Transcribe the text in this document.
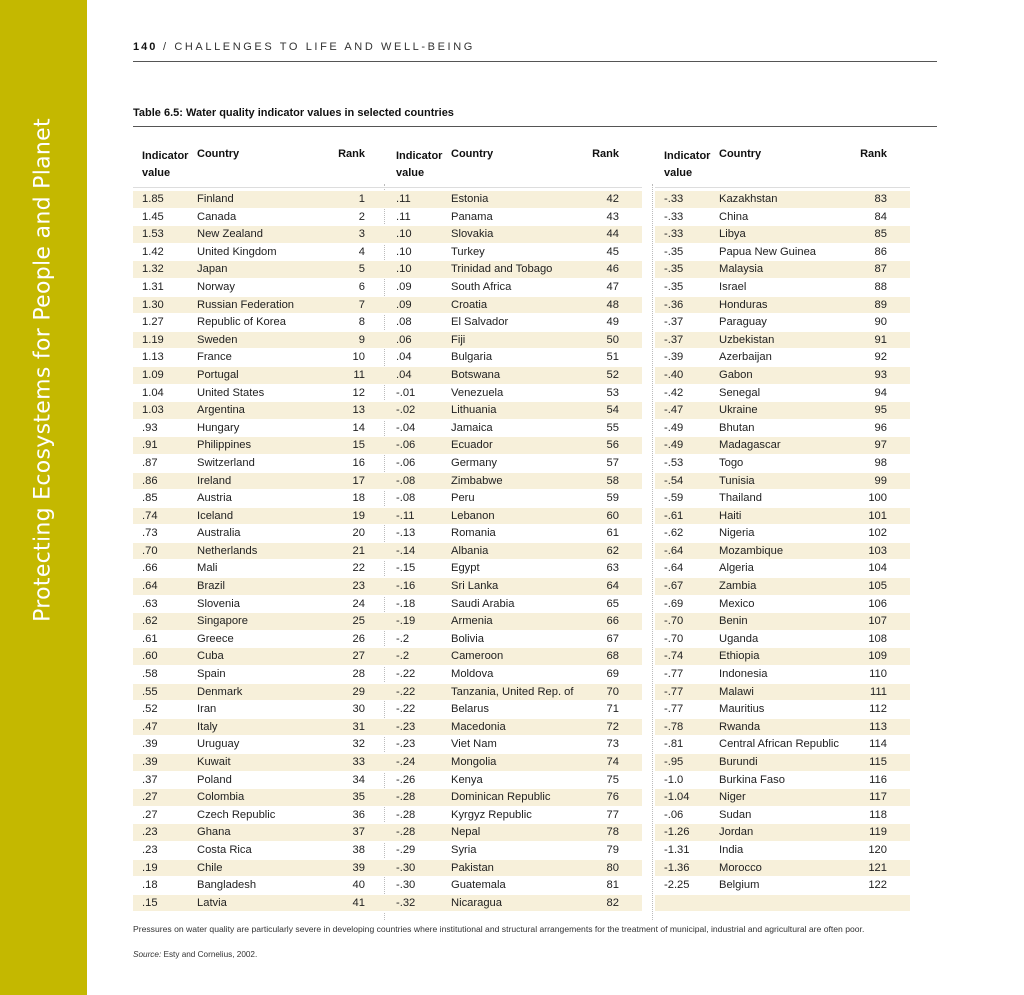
Protecting Ecosystems for People and Planet
140 / CHALLENGES TO LIFE AND WELL-BEING
Table 6.5: Water quality indicator values in selected countries
Indicator value
Country	Rank
1.85	Finland	1
1.45	Canada	2
1.53	New Zealand	3
1.42	United Kingdom	4
1.32	Japan	5
1.31	Norway	6
1.30	Russian Federation	7
1.27	Republic of Korea	8
1.19	Sweden	9
1.13	France	10
1.09	Portugal	11
1.04	United States	12
1.03	Argentina	13
.93	Hungary	14
.91	Philippines	15
.87	Switzerland	16
.86	Ireland	17
.85	Austria	18
.74	Iceland	19
.73	Australia	20
.70	Netherlands	21
.66	Mali	22
.64	Brazil	23
.63	Slovenia	24
.62	Singapore	25
.61	Greece	26
.60	Cuba	27
.58	Spain	28
.55	Denmark	29
.52	Iran	30
.47	Italy	31
.39	Uruguay	32
.39	Kuwait	33
.37	Poland	34
.27	Colombia	35
.27	Czech Republic	36
.23	Ghana	37
.23	Costa Rica	38
.19	Chile	39
.18	Bangladesh	40
.15	Latvia	41
Indicator value
Country	Rank
.11	Estonia	42
.11	Panama	43
.10	Slovakia	44
.10	Turkey	45
.10	Trinidad and Tobago	46
.09	South Africa	47
.09	Croatia	48
.08	El Salvador	49
.06	Fiji	50
.04	Bulgaria	51
.04	Botswana	52
-.01	Venezuela	53
-.02	Lithuania	54
-.04	Jamaica	55
-.06	Ecuador	56
-.06	Germany	57
-.08	Zimbabwe	58
-.08	Peru	59
-.11	Lebanon	60
-.13	Romania	61
-.14	Albania	62
-.15	Egypt	63
-.16	Sri Lanka	64
-.18	Saudi Arabia	65
-.19	Armenia	66
-.2	Bolivia	67
-.2	Cameroon	68
-.22	Moldova	69
-.22	Tanzania, United Rep. of	70
-.22	Belarus	71
-.23	Macedonia	72
-.23	Viet Nam	73
-.24	Mongolia	74
-.26	Kenya	75
-.28	Dominican Republic	76
-.28	Kyrgyz Republic	77
-.28	Nepal	78
-.29	Syria	79
-.30	Pakistan	80
-.30	Guatemala	81
-.32	Nicaragua	82
Indicator value
Country	Rank
-.33	Kazakhstan	83
-.33	China	84
-.33	Libya	85
-.35	Papua New Guinea	86
-.35	Malaysia	87
-.35	Israel	88
-.36	Honduras	89
-.37	Paraguay	90
-.37	Uzbekistan	91
-.39	Azerbaijan	92
-.40	Gabon	93
-.42	Senegal	94
-.47	Ukraine	95
-.49	Bhutan	96
-.49	Madagascar	97
-.53	Togo	98
-.54	Tunisia	99
-.59	Thailand	100
-.61	Haiti	101
-.62	Nigeria	102
-.64	Mozambique	103
-.64	Algeria	104
-.67	Zambia	105
-.69	Mexico	106
-.70	Benin	107
-.70	Uganda	108
-.74	Ethiopia	109
-.77	Indonesia	110
-.77	Malawi	111
-.77	Mauritius	112
-.78	Rwanda	113
-.81	Central African Republic	114
-.95	Burundi	115
-1.0	Burkina Faso	116
-1.04	Niger	117
-.06	Sudan	118
-1.26	Jordan	119
-1.31	India	120
-1.36	Morocco	121
-2.25	Belgium	122
Pressures on water quality are particularly severe in developing countries where institutional and structural arrangements for the treatment of municipal, industrial and agricultural are often poor.
Source: Esty and Cornelius, 2002.
